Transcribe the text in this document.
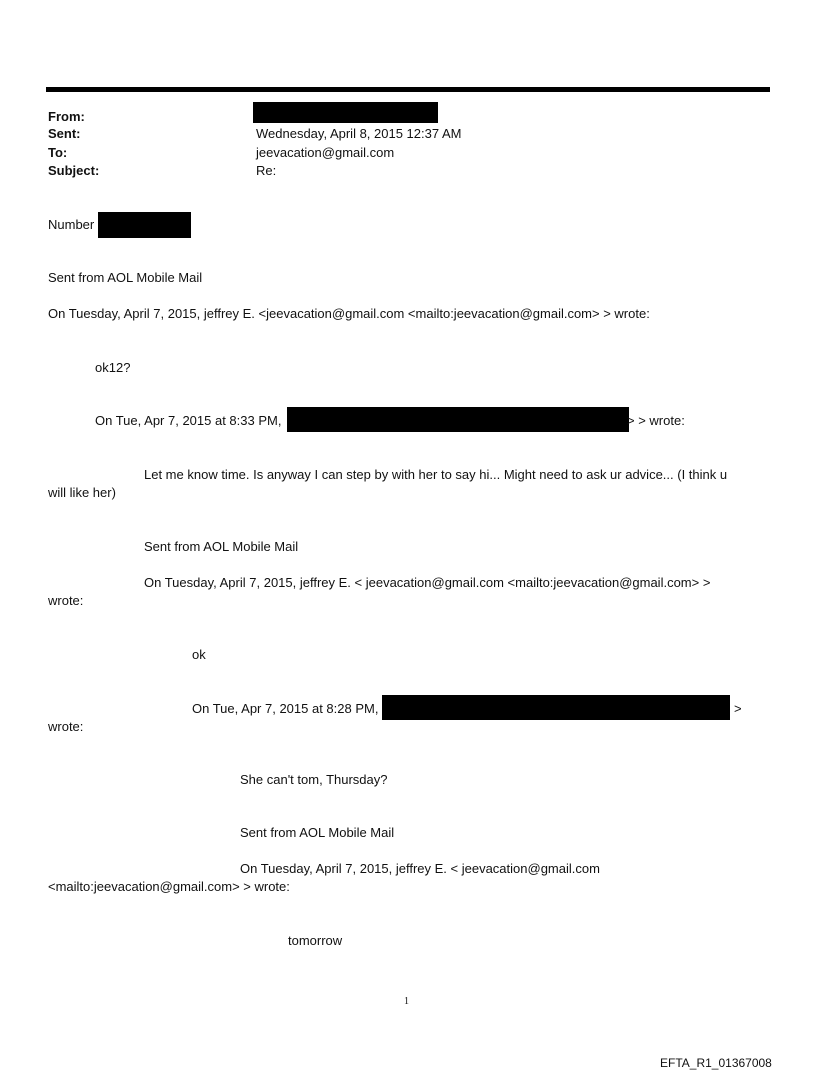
From:
Sent:	Wednesday, April 8, 2015 12:37 AM
To:	jeevacation@gmail.com
Subject:	Re:
Number
Sent from AOL Mobile Mail
On Tuesday, April 7, 2015, jeffrey E. <jeevacation@gmail.com <mailto:jeevacation@gmail.com> > wrote:
ok12?
On Tue, Apr 7, 2015 at 8:33 PM,	> > wrote:
Let me know time. Is anyway I can step by with her to say hi... Might need to ask ur advice... (I think u
will like her)
Sent from AOL Mobile Mail
On Tuesday, April 7, 2015, jeffrey E. < jeevacation@gmail.com <mailto:jeevacation@gmail.com> >
wrote:
ok
On Tue, Apr 7, 2015 at 8:28 PM,	>
wrote:
She can't tom, Thursday?
Sent from AOL Mobile Mail
On Tuesday, April 7, 2015, jeffrey E. < jeevacation@gmail.com
<mailto:jeevacation@gmail.com> > wrote:
tomorrow
1
EFTA_R1_01367008
